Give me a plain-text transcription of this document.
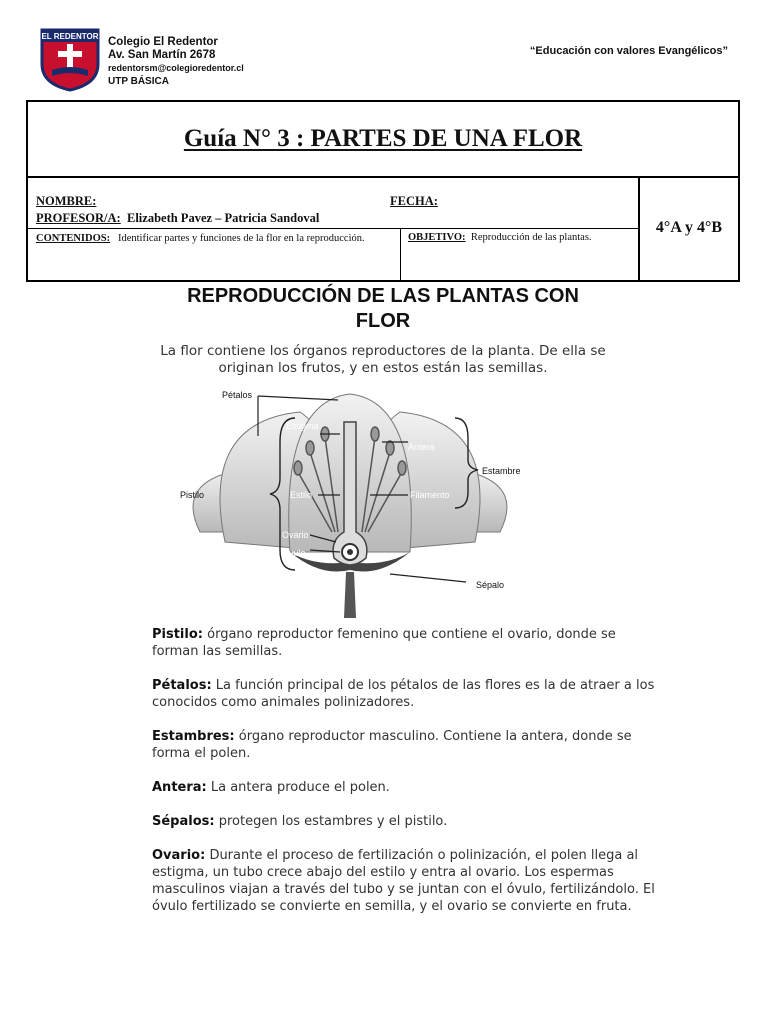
EL REDENTOR Colegio El Redentor
Av. San Martín 2678
redentorsm@colegioredentor.cl
UTP BÁSICA
“Educación con valores Evangélicos”
Guía N° 3 : PARTES DE UNA FLOR
NOMBRE:	FECHA:
PROFESOR/A: Elizabeth Pavez – Patricia Sandoval
CONTENIDOS: Identificar partes y funciones de la flor en la reproducción.	OBJETIVO: Reproducción de las plantas.
4°A y 4°B
REPRODUCCIÓN DE LAS PLANTAS CON
FLOR
La flor contiene los órganos reproductores de la planta. De ella se
originan los frutos, y en estos están las semillas.
Pétalos
Estigma
Antera
Estambre
Pistilo	Estilo	Filamento
Ovario
Óvulo
Sépalo

Pistilo: órgano reproductor femenino que contiene el ovario, donde se forman las semillas.

Pétalos: La función principal de los pétalos de las flores es la de atraer a los conocidos como animales polinizadores.

Estambres: órgano reproductor masculino. Contiene la antera, donde se forma el polen.

Antera: La antera produce el polen.

Sépalos: protegen los estambres y el pistilo.

Ovario: Durante el proceso de fertilización o polinización, el polen llega al estigma, un tubo crece abajo del estilo y entra al ovario. Los espermas masculinos viajan a través del tubo y se juntan con el óvulo, fertilizándolo. El óvulo fertilizado se convierte en semilla, y el ovario se convierte en fruta.
